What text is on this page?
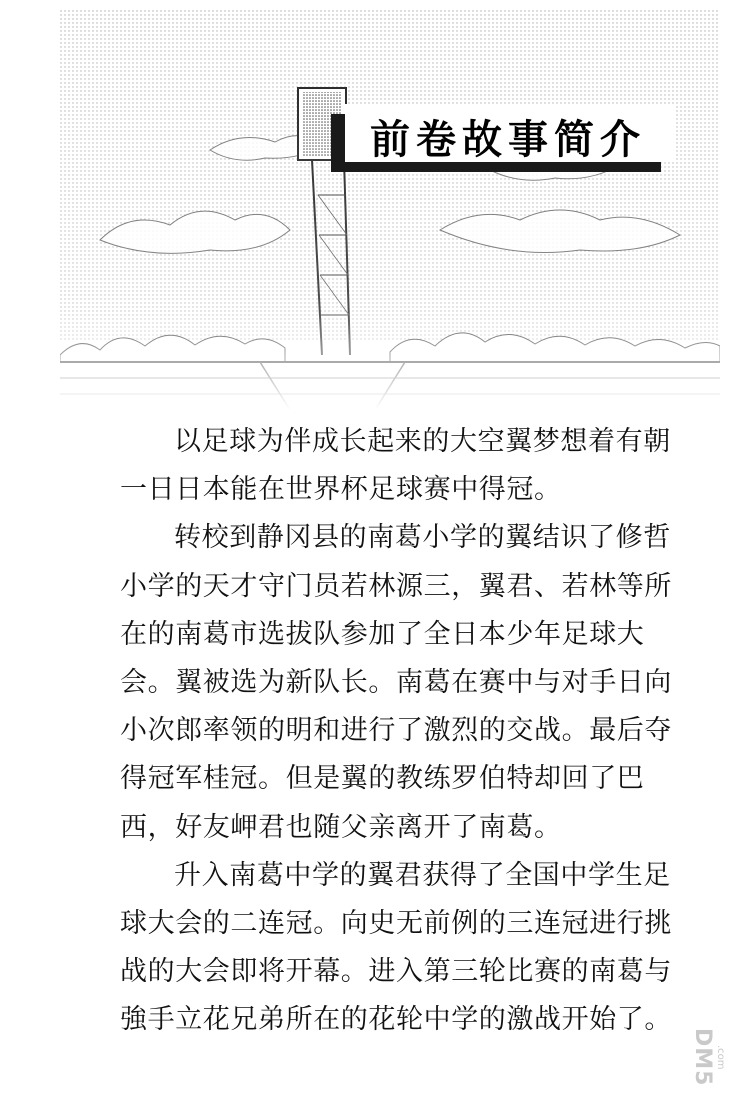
前卷故事简介

以足球为伴成长起来的大空翼梦想着有朝一日日本能在世界杯足球赛中得冠。

转校到静冈县的南葛小学的翼结识了修哲小学的天才守门员若林源三，翼君、若林等所在的南葛市选拔队参加了全日本少年足球大会。翼被选为新队长。南葛在赛中与对手日向小次郎率领的明和进行了激烈的交战。最后夺得冠军桂冠。但是翼的教练罗伯特却回了巴西，好友岬君也随父亲离开了南葛。

升入南葛中学的翼君获得了全国中学生足球大会的二连冠。向史无前例的三连冠进行挑战的大会即将开幕。进入第三轮比赛的南葛与強手立花兄弟所在的花轮中学的激战开始了。

DM5 .com
